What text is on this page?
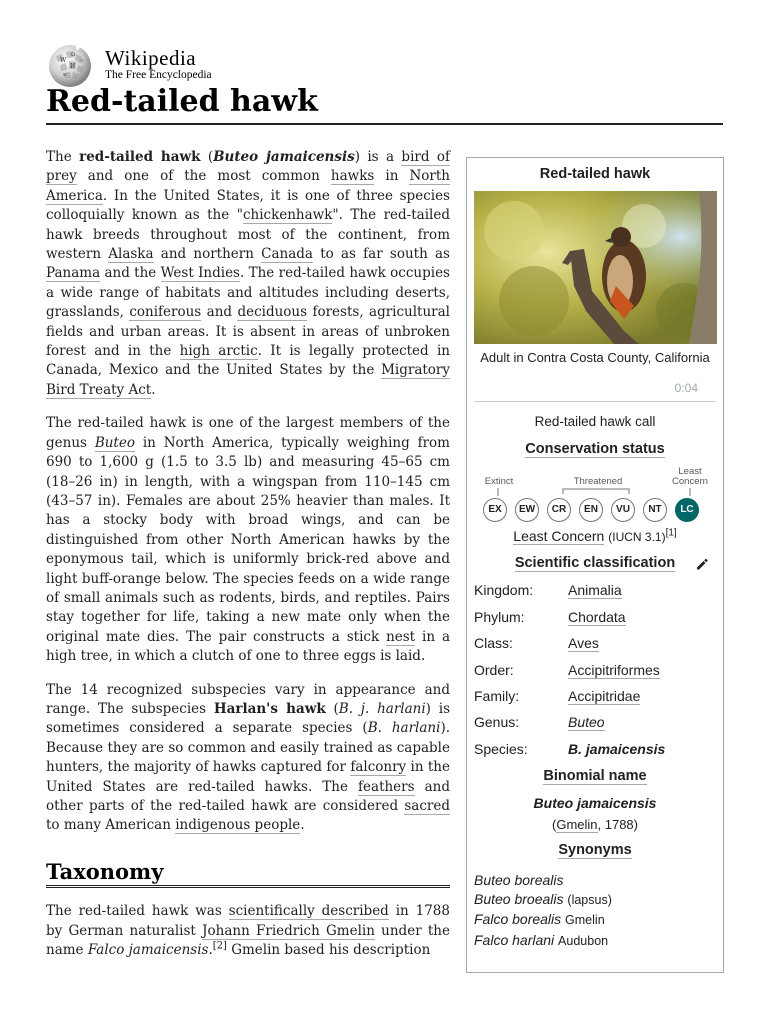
W
Ω
И
ウ
ש
Wikipedia
The Free Encyclopedia
Red-tailed hawk

The red-tailed hawk (Buteo jamaicensis) is a bird of prey and one of the most common hawks in North America. In the United States, it is one of three species colloquially known as the "chickenhawk". The red-tailed hawk breeds throughout most of the continent, from western Alaska and northern Canada to as far south as Panama and the West Indies. The red-tailed hawk occupies a wide range of habitats and altitudes including deserts, grasslands, coniferous and deciduous forests, agricultural fields and urban areas. It is absent in areas of unbroken forest and in the high arctic. It is legally protected in Canada, Mexico and the United States by the Migratory Bird Treaty Act.

The red-tailed hawk is one of the largest members of the genus Buteo in North America, typically weighing from 690 to 1,600 g (1.5 to 3.5 lb) and measuring 45–65 cm (18–26 in) in length, with a wingspan from 110–145 cm (43–57 in). Females are about 25% heavier than males. It has a stocky body with broad wings, and can be distinguished from other North American hawks by the eponymous tail, which is uniformly brick-red above and light buff-orange below. The species feeds on a wide range of small animals such as rodents, birds, and reptiles. Pairs stay together for life, taking a new mate only when the original mate dies. The pair constructs a stick nest in a high tree, in which a clutch of one to three eggs is laid.

The 14 recognized subspecies vary in appearance and range. The subspecies Harlan's hawk (B. j. harlani) is sometimes considered a separate species (B. harlani). Because they are so common and easily trained as capable hunters, the majority of hawks captured for falconry in the United States are red-tailed hawks. The feathers and other parts of the red-tailed hawk are considered sacred to many American indigenous people.

Taxonomy

The red-tailed hawk was scientifically described in 1788 by German naturalist Johann Friedrich Gmelin under the name Falco jamaicensis.[2] Gmelin based his description

Red-tailed hawk
Adult in Contra Costa County, California
0:04
Red-tailed hawk call
Conservation status
Extinct	Threatened
Least
Concern
EX	EW	CR	EN	VU	NT	LC
Least Concern (IUCN 3.1)[1]
Scientific classification
Kingdom: Animalia
Phylum:	Chordata
Class:	Aves
Order:	Accipitriformes
Family:	Accipitridae
Genus:	Buteo
Species:	B. jamaicensis
Binomial name
Buteo jamaicensis
(Gmelin, 1788)
Synonyms
Buteo borealis
Buteo broealis (lapsus)
Falco borealis Gmelin
Falco harlani Audubon
